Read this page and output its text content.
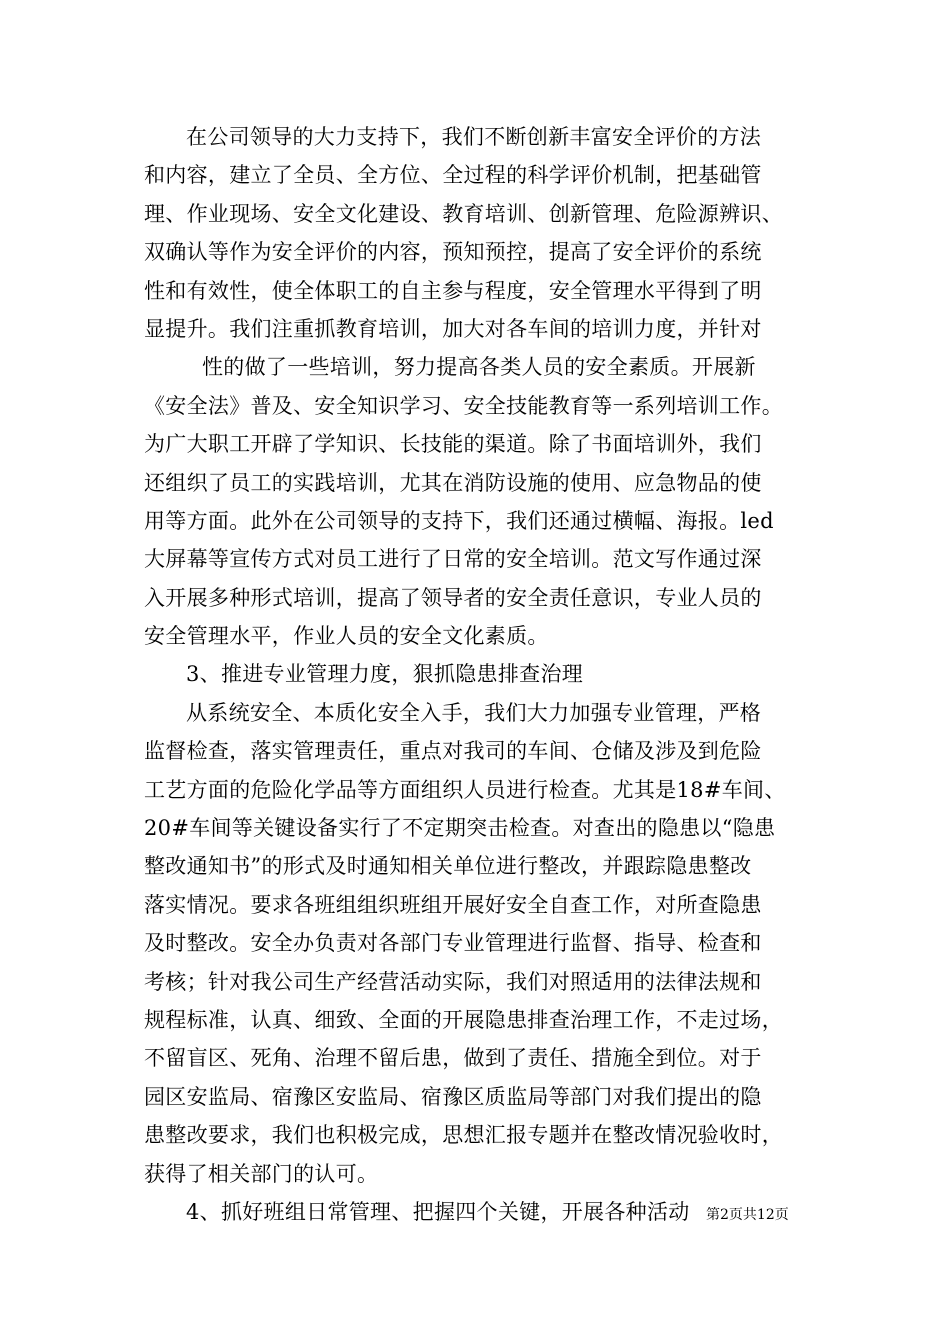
在公司领导的大力支持下，我们不断创新丰富安全评价的方法
和内容，建立了全员、全方位、全过程的科学评价机制，把基础管
理、作业现场、安全文化建设、教育培训、创新管理、危险源辨识、
双确认等作为安全评价的内容，预知预控，提高了安全评价的系统
性和有效性，使全体职工的自主参与程度，安全管理水平得到了明
显提升。我们注重抓教育培训，加大对各车间的培训力度，并针对
性的做了一些培训，努力提高各类人员的安全素质。开展新
《安全法》普及、安全知识学习、安全技能教育等一系列培训工作。
为广大职工开辟了学知识、长技能的渠道。除了书面培训外，我们
还组织了员工的实践培训，尤其在消防设施的使用、应急物品的使
用等方面。此外在公司领导的支持下，我们还通过横幅、海报。led
大屏幕等宣传方式对员工进行了日常的安全培训。范文写作通过深
入开展多种形式培训，提高了领导者的安全责任意识，专业人员的
安全管理水平，作业人员的安全文化素质。
3、推进专业管理力度，狠抓隐患排查治理
从系统安全、本质化安全入手，我们大力加强专业管理，严格
监督检查，落实管理责任，重点对我司的车间、仓储及涉及到危险
工艺方面的危险化学品等方面组织人员进行检查。尤其是18#车间、
20#车间等关键设备实行了不定期突击检查。对查出的隐患以“隐患
整改通知书”的形式及时通知相关单位进行整改，并跟踪隐患整改
落实情况。要求各班组组织班组开展好安全自查工作，对所查隐患
及时整改。安全办负责对各部门专业管理进行监督、指导、检查和
考核；针对我公司生产经营活动实际，我们对照适用的法律法规和
规程标准，认真、细致、全面的开展隐患排查治理工作，不走过场，
不留盲区、死角、治理不留后患，做到了责任、措施全到位。对于
园区安监局、宿豫区安监局、宿豫区质监局等部门对我们提出的隐
患整改要求，我们也积极完成，思想汇报专题并在整改情况验收时，
获得了相关部门的认可。
4、抓好班组日常管理、把握四个关键，开展各种活动	第2页共12页
